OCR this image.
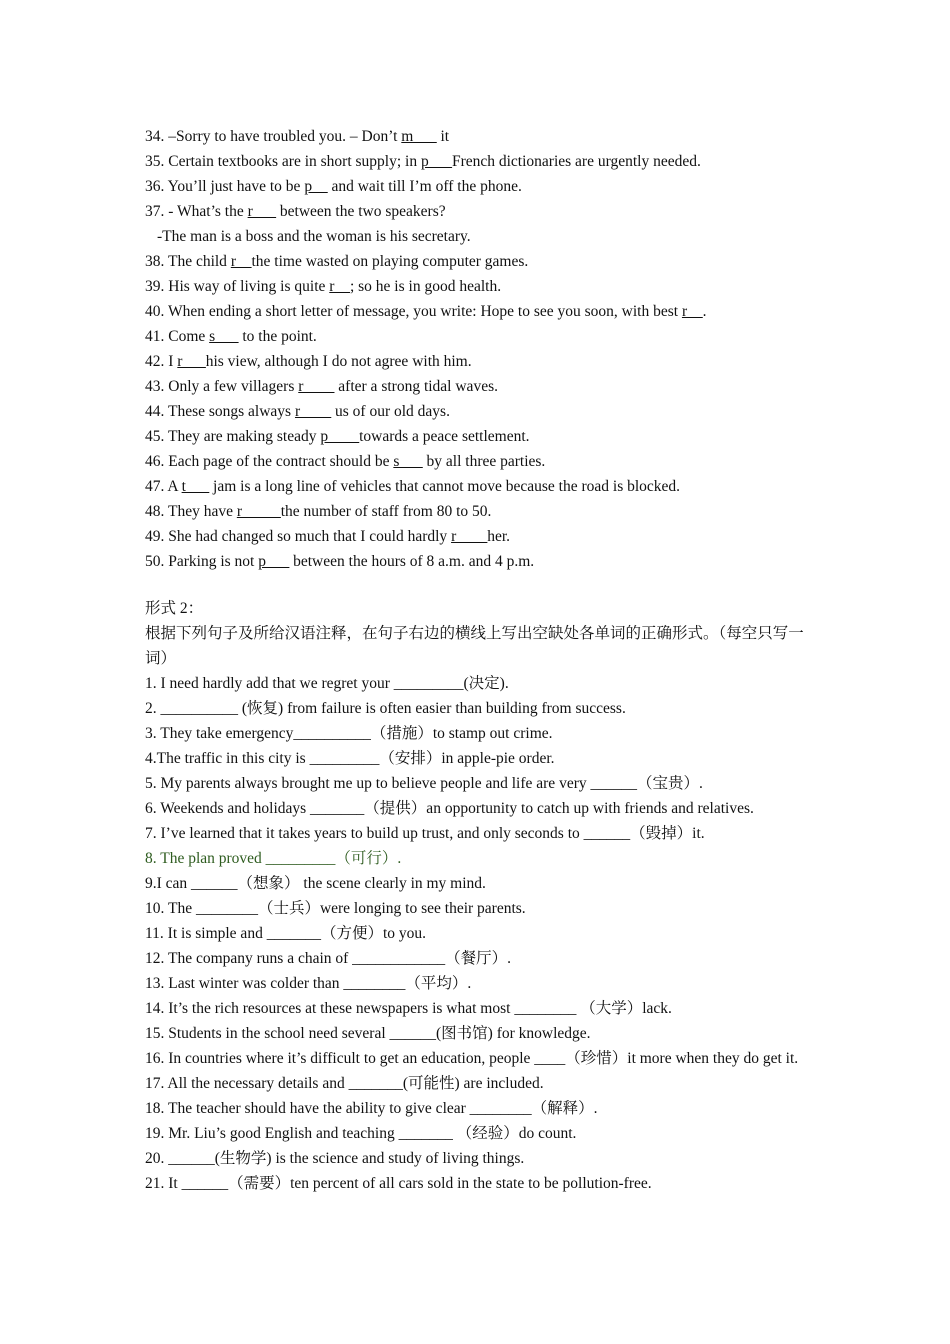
34. –Sorry to have troubled you. – Don’t m___ it
35. Certain textbooks are in short supply; in p___French dictionaries are urgently needed.
36. You’ll just have to be p__ and wait till I’m off the phone.
37. - What’s the r___ between the two speakers?
-The man is a boss and the woman is his secretary.
38. The child r__the time wasted on playing computer games.
39. His way of living is quite r__; so he is in good health.
40. When ending a short letter of message, you write: Hope to see you soon, with best r__.
41. Come s___ to the point.
42. I r___his view, although I do not agree with him.
43. Only a few villagers r____ after a strong tidal waves.
44. These songs always r____ us of our old days.
45. They are making steady p____towards a peace settlement.
46. Each page of the contract should be s___ by all three parties.
47. A t___ jam is a long line of vehicles that cannot move because the road is blocked.
48. They have r_____the number of staff from 80 to 50.
49. She had changed so much that I could hardly r____her.
50. Parking is not p___ between the hours of 8 a.m. and 4 p.m.
形式 2：
根据下列句子及所给汉语注释，在句子右边的横线上写出空缺处各单词的正确形式。（每空只写一词）
1. I need hardly add that we regret your _________(决定).
2. __________ (恢复) from failure is often easier than building from success.
3. They take emergency__________（措施）to stamp out crime.
4.The traffic in this city is _________（安排）in apple-pie order.
5. My parents always brought me up to believe people and life are very ______（宝贵）.
6. Weekends and holidays _______（提供）an opportunity to catch up with friends and relatives.
7. I’ve learned that it takes years to build up trust, and only seconds to ______（毁掉）it.
8. The plan proved _________（可行）.
9.I can ______（想象） the scene clearly in my mind.
10. The ________（士兵）were longing to see their parents.
11. It is simple and _______（方便）to you.
12. The company runs a chain of ____________（餐厅）.
13. Last winter was colder than ________（平均）.
14. It’s the rich resources at these newspapers is what most ________ （大学）lack.
15. Students in the school need several ______(图书馆) for knowledge.
16. In countries where it’s difficult to get an education, people ____（珍惜）it more when they do get it.
17. All the necessary details and _______(可能性) are included.
18. The teacher should have the ability to give clear ________（解释）.
19. Mr. Liu’s good English and teaching _______ （经验）do count.
20. ______(生物学) is the science and study of living things.
21. It ______（需要）ten percent of all cars sold in the state to be pollution-free.
